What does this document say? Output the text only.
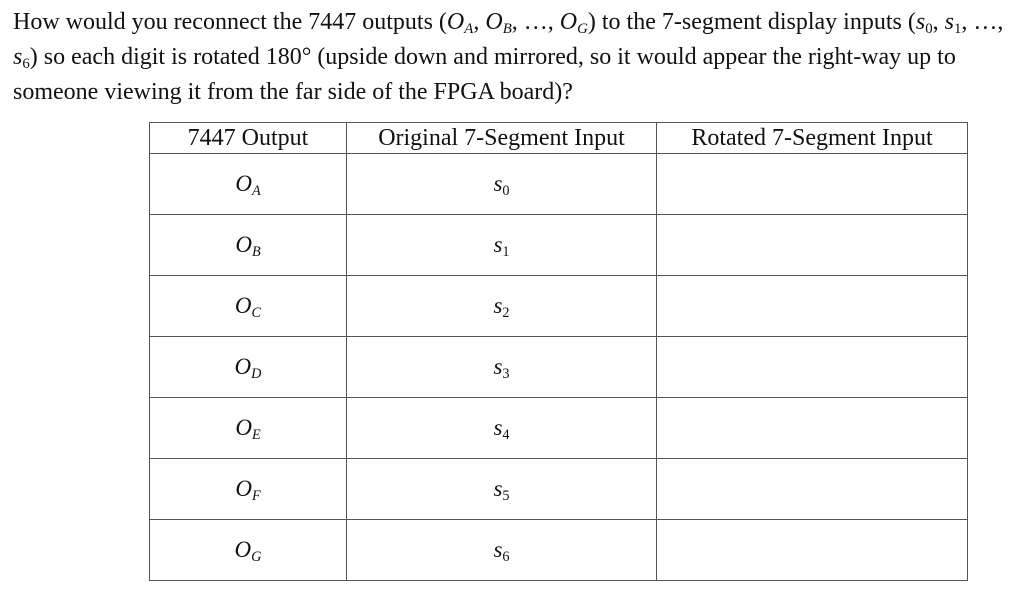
How would you reconnect the 7447 outputs ($O_A$, $O_B$, …, $O_G$) to the 7-segment display inputs ($s_0$, $s_1$, …, $s_6$) so each digit is rotated 180° (upside down and mirrored, so it would appear the right-way up to someone viewing it from the far side of the FPGA board)?
7447 Output	Original 7-Segment Input	Rotated 7-Segment Input
$O_A$	$s_0$	
$O_B$	$s_1$	
$O_C$	$s_2$	
$O_D$	$s_3$	
$O_E$	$s_4$	
$O_F$	$s_5$	
$O_G$	$s_6$	
